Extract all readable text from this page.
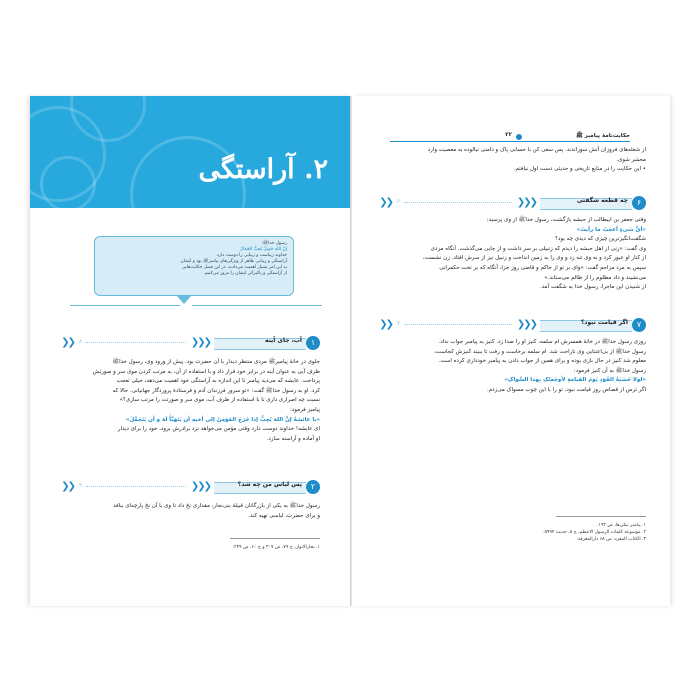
۲. آراستگی
رسول خداﷺ:
إنَّ اللهَ جَمِيلٌ يُحِبُّ الجَمَالَ
خداوند زیباست و زیبایی را دوست دارد.
آراستگی و زیبایی ظاهر از ویژگی‌های پیامبرﷺ بود و ایشان
به این امر بسیار اهمیت می‌دادند. در این فصل حکایت‌هایی
از آراستگی و پاکیزگی ایشان را مرور می‌کنیم.
۱
آب، جای آینه
❮❮❮
۸
❮❮

جلوی در خانهٔ پیامبرﷺ مردی منتظر دیدار با آن حضرت بود. پیش از ورود وی، رسول خداﷺ

ظرف آبی به عنوان آینه در برابر خود قرار داد و با استفاده از آن، به مرتب کردن موی سر و صورتش

پرداخت. عایشه که می‌دید پیامبر تا این اندازه به آراستگی خود اهمیت می‌دهد، خیلی تعجب

کرد. او به رسول خداﷺ گفت: «تو سرور فرزندان آدم و فرستادهٔ پروردگار جهانیانی. حالا که

نسبت چه اصراری داری تا با استفاده از ظرف آب، موی سر و صورتت را مرتب سازی؟»

پیامبر فرمود:

«یا عائشةُ إنَّ اللهَ یُحِبُّ إذا خَرَجَ المُؤمِنُ إلی أخیهِ أن یَتَهَیَّأَ لَهُ و أن یَتَجَمَّلَ»

ای عایشه! خداوند دوست دارد وقتی مؤمن می‌خواهد نزد برادرش برود، خود را برای دیدار

او آماده و آراسته سازد.

۲
پس لباس من چه شد؟
❮❮❮
۹
❮❮

رسول خداﷺ به یکی از بازرگانان قبیلهٔ بنی‌نجار، مقداری نخ داد تا وی با آن نخ پارچه‌ای ببافد

و برای حضرت، لباسی تهیه کند.

۱. بحارالانوار، ج ۷۹، ص ۳۰۷ و ج ۶۰، ص ۲۴۹.
حکایت‌نامهٔ پیامبر ﷺ
۲۲

از شعله‌های فروزان آتش سوزاندند. پس سعی کن با حسابی پاک و دامنی نیالوده به معصیت وارد

محشر شوی.

• این حکایت را در منابع تاریخی و حدیثی دست اول نیافتم.

۶
چه قطعه شگفتی
❮❮❮
۶
❮❮

وقتی جعفر بن ابیطالب از حبشه بازگشت، رسول خداﷺ از وی پرسید:

«أیُّ شیءٍ أعجَبُ ما رأیتَ»

شگفت‌انگیزترین چیزی که دیدی چه بود؟

وی گفت: «زنی از اهل حبشه را دیدم که زنبیلی بر سر داشت و از جایی می‌گذشت. آنگاه مردی

از کنار او عبور کرد و به وی تنه زد و وی را به زمین انداخت و زنبیل نیز از سرش افتاد. زن نشست،

سپس به مرد مزاحم گفت: «وای بر تو از حاکم و قاضی روز جزا، آنگاه که بر تخت حکمرانی

می‌نشیند و داد مظلوم را از ظالم می‌ستاند.»

از شنیدن این ماجرا، رسول خدا به شگفت آمد.

۷
اگر قیامت نبود؟
❮❮❮
۷
❮❮

روزی رسول خداﷺ در خانهٔ همسرش ام سلمه، کنیز او را صدا زد. کنیز به پیامبر جواب نداد.

رسول خداﷺ از بی‌اعتنایی وی ناراحت شد. ام سلمه برخاست و رفت تا ببیند کنیزش کجاست،

معلوم شد کنیز در حال بازی بوده و برای همین از جواب دادن به پیامبر خودداری کرده است.

رسول خداﷺ به آن کنیز فرمود:

«لولا خَشیَةُ القَوَدِ یَومَ القیامةِ لأوجَعتُکِ بِهذا السِّواکِ»

اگر ترس از قصاص روز قیامت نبود، تو را با این چوب مسواک می‌زدم.

۱. پیامبر نیکی‌ها، ص ۱۹۳.
۲. موسوعة کلمات الرسول الاعظم، ج ۸، حدیث ۵۹۹۴.
۳. الکتاب المفرد، ص ۶۸ دارالمعرفة.
